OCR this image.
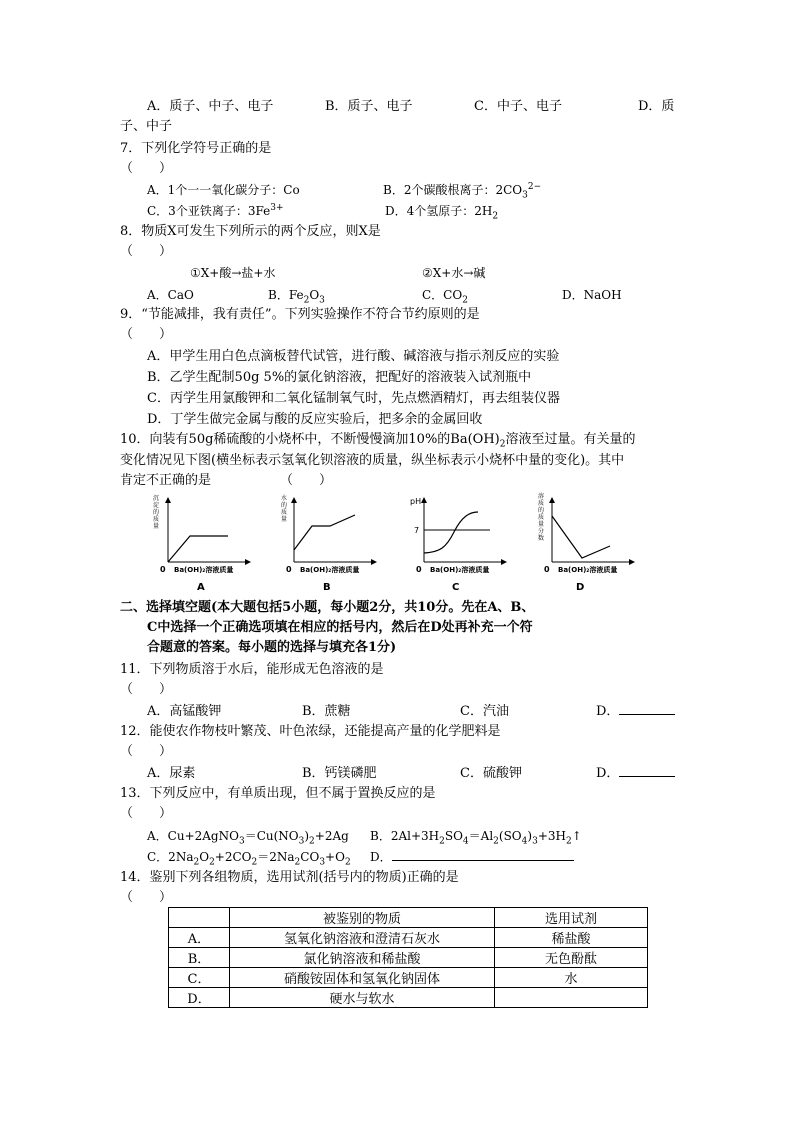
A．质子、中子、电子	B．质子、电子	C．中子、电子	D．质
子、中子
7．下列化学符号正确的是
（　　）
A．1个一一氧化碳分子：Co	B．2个碳酸根离子：$2CO_3^{2-}$
C．3个亚铁离子：$3Fe^{3+}$	D．4个氢原子：$2H_2$
8．物质X可发生下列所示的两个反应，则X是
（　　）
①X+酸→盐+水	②X+水→碱
A．CaO	B．$Fe_2O_3$	C．$CO_2$	D．NaOH
9．“节能减排，我有责任”。下列实验操作不符合节约原则的是
（　　）
A．甲学生用白色点滴板替代试管，进行酸、碱溶液与指示剂反应的实验
B．乙学生配制50g 5%的氯化钠溶液，把配好的溶液装入试剂瓶中
C．丙学生用氯酸钾和二氧化锰制氧气时，先点燃酒精灯，再去组装仪器
D．丁学生做完金属与酸的反应实验后，把多余的金属回收
10．向装有50g稀硫酸的小烧杯中，不断慢慢滴加10%的$Ba(OH)_2$溶液至过量。有关量的
变化情况见下图(横坐标表示氢氧化钡溶液的质量，纵坐标表示小烧杯中量的变化)。其中
肯定不正确的是	（　　）
沉淀的质量
0 Ba(OH)₂溶液质量
A
水的质量
0 Ba(OH)₂溶液质量
B
pH
7
0 Ba(OH)₂溶液质量
C
溶质的质量分数
0 Ba(OH)₂溶液质量
D
二、选择填空题(本大题包括5小题，每小题2分，共10分。先在A、B、
C中选择一个正确选项填在相应的括号内，然后在D处再补充一个符
合题意的答案。每小题的选择与填充各1分)
11．下列物质溶于水后，能形成无色溶液的是
（　　）
A．高锰酸钾	B．蔗糖	C．汽油	D．
12．能使农作物枝叶繁茂、叶色浓绿，还能提高产量的化学肥料是
（　　）
A．尿素	B．钙镁磷肥	C．硫酸钾	D．
13．下列反应中，有单质出现，但不属于置换反应的是
（　　）
A．$Cu+2AgNO_3=Cu(NO_3)_2+2Ag$ B．$2Al+3H_2SO_4=Al_2(SO_4)_3+3H_2↑$
C．$2Na_2O_2+2CO_2=2Na_2CO_3+O_2$ D．
14．鉴别下列各组物质，选用试剂(括号内的物质)正确的是
（　　）
	被鉴别的物质	选用试剂
A．	氢氧化钠溶液和澄清石灰水	稀盐酸
B．	氯化钠溶液和稀盐酸	无色酚酞
C．	硝酸铵固体和氢氧化钠固体	水
D．	硬水与软水	
